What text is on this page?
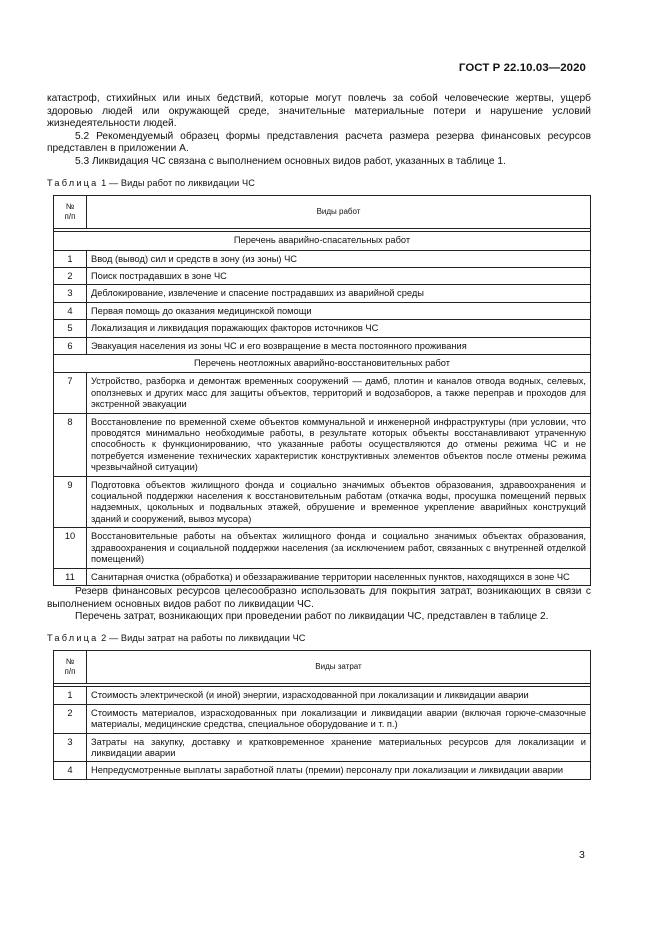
ГОСТ Р 22.10.03—2020

катастроф, стихийных или иных бедствий, которые могут повлечь за собой человеческие жертвы, ущерб здоровью людей или окружающей среде, значительные материальные потери и нарушение условий жизнедеятельности людей.

5.2 Рекомендуемый образец формы представления расчета размера резерва финансовых ресурсов представлен в приложении А.

5.3 Ликвидация ЧС связана с выполнением основных видов работ, указанных в таблице 1.

Таблица 1 — Виды работ по ликвидации ЧС
№
п/п	Виды работ

Перечень аварийно-спасательных работ	
1	Ввод (вывод) сил и средств в зону (из зоны) ЧС
2	Поиск пострадавших в зоне ЧС
3	Деблокирование, извлечение и спасение пострадавших из аварийной среды
4	Первая помощь до оказания медицинской помощи
5	Локализация и ликвидация поражающих факторов источников ЧС
6	Эвакуация населения из зоны ЧС и его возвращение в места постоянного проживания
Перечень неотложных аварийно-восстановительных работ	
7	Устройство, разборка и демонтаж временных сооружений — дамб, плотин и каналов отвода водных, селевых, оползневых и других масс для защиты объектов, территорий и водозаборов, а также переправ и проходов для экстренной эвакуации
8	Восстановление по временной схеме объектов коммунальной и инженерной инфраструктуры (при условии, что проводятся минимально необходимые работы, в результате которых объекты восстанавливают утраченную способность к функционированию, что указанные работы осуществляются до отмены режима ЧС и не потребуется изменение технических характеристик конструктивных элементов объектов после отмены режима чрезвычайной ситуации)
9	Подготовка объектов жилищного фонда и социально значимых объектов образования, здравоохранения и социальной поддержки населения к восстановительным работам (откачка воды, просушка помещений первых надземных, цокольных и подвальных этажей, обрушение и временное укрепление аварийных конструкций зданий и сооружений, вывоз мусора)
10	Восстановительные работы на объектах жилищного фонда и социально значимых объектах образования, здравоохранения и социальной поддержки населения (за исключением работ, связанных с внутренней отделкой помещений)
11	Санитарная очистка (обработка) и обеззараживание территории населенных пунктов, находящихся в зоне ЧС

Резерв финансовых ресурсов целесообразно использовать для покрытия затрат, возникающих в связи с выполнением основных видов работ по ликвидации ЧС.

Перечень затрат, возникающих при проведении работ по ликвидации ЧС, представлен в таблице 2.

Таблица 2 — Виды затрат на работы по ликвидации ЧС
№
п/п	Виды затрат

1	Стоимость электрической (и иной) энергии, израсходованной при локализации и ликвидации аварии
2	Стоимость материалов, израсходованных при локализации и ликвидации аварии (включая горюче-смазочные материалы, медицинские средства, специальное оборудование и т. п.)
3	Затраты на закупку, доставку и кратковременное хранение материальных ресурсов для локализации и ликвидации аварии
4	Непредусмотренные выплаты заработной платы (премии) персоналу при локализации и ликвидации аварии
3
